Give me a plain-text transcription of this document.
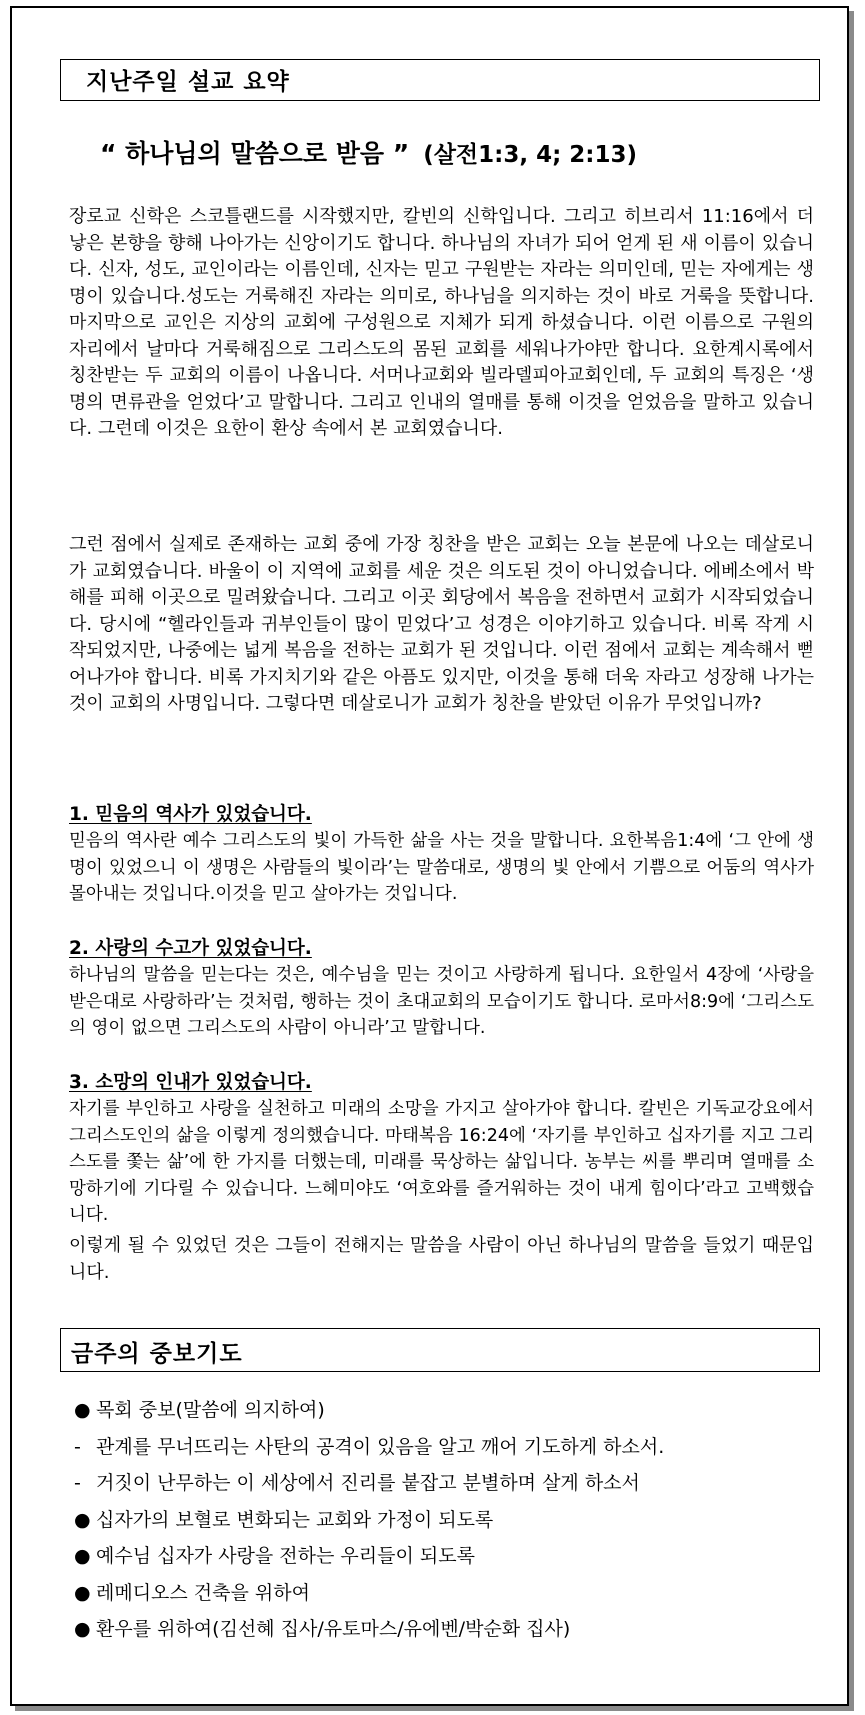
지난주일 설교 요약
“ 하나님의 말씀으로 받음 ” (살전1:3, 4; 2:13)
장로교 신학은 스코틀랜드를 시작했지만, 칼빈의 신학입니다. 그리고 히브리서 11:16에서 더 낳은 본향을 향해 나아가는 신앙이기도 합니다. 하나님의 자녀가 되어 얻게 된 새 이름이 있습니다. 신자, 성도, 교인이라는 이름인데, 신자는 믿고 구원받는 자라는 의미인데, 믿는 자에게는 생명이 있습니다.성도는 거룩해진 자라는 의미로, 하나님을 의지하는 것이 바로 거룩을 뜻합니다. 마지막으로 교인은 지상의 교회에 구성원으로 지체가 되게 하셨습니다. 이런 이름으로 구원의 자리에서 날마다 거룩해짐으로 그리스도의 몸된 교회를 세워나가야만 합니다. 요한계시록에서 칭찬받는 두 교회의 이름이 나옵니다. 서머나교회와 빌라델피아교회인데, 두 교회의 특징은 ‘생명의 면류관을 얻었다’고 말합니다. 그리고 인내의 열매를 통해 이것을 얻었음을 말하고 있습니다. 그런데 이것은 요한이 환상 속에서 본 교회였습니다.
그런 점에서 실제로 존재하는 교회 중에 가장 칭찬을 받은 교회는 오늘 본문에 나오는 데살로니가 교회였습니다. 바울이 이 지역에 교회를 세운 것은 의도된 것이 아니었습니다. 에베소에서 박해를 피해 이곳으로 밀려왔습니다. 그리고 이곳 회당에서 복음을 전하면서 교회가 시작되었습니다. 당시에 “헬라인들과 귀부인들이 많이 믿었다’고 성경은 이야기하고 있습니다. 비록 작게 시작되었지만, 나중에는 넓게 복음을 전하는 교회가 된 것입니다. 이런 점에서 교회는 계속해서 뻗어나가야 합니다. 비록 가지치기와 같은 아픔도 있지만, 이것을 통해 더욱 자라고 성장해 나가는 것이 교회의 사명입니다. 그렇다면 데살로니가 교회가 칭찬을 받았던 이유가 무엇입니까?
1. 믿음의 역사가 있었습니다.
믿음의 역사란 예수 그리스도의 빛이 가득한 삶을 사는 것을 말합니다. 요한복음1:4에 ‘그 안에 생명이 있었으니 이 생명은 사람들의 빛이라’는 말씀대로, 생명의 빛 안에서 기쁨으로 어둠의 역사가 몰아내는 것입니다.이것을 믿고 살아가는 것입니다.
2. 사랑의 수고가 있었습니다.
하나님의 말씀을 믿는다는 것은, 예수님을 믿는 것이고 사랑하게 됩니다. 요한일서 4장에 ‘사랑을 받은대로 사랑하라’는 것처럼, 행하는 것이 초대교회의 모습이기도 합니다. 로마서8:9에 ‘그리스도의 영이 없으면 그리스도의 사람이 아니라’고 말합니다.
3. 소망의 인내가 있었습니다.
자기를 부인하고 사랑을 실천하고 미래의 소망을 가지고 살아가야 합니다. 칼빈은 기독교강요에서 그리스도인의 삶을 이렇게 정의했습니다. 마태복음 16:24에 ‘자기를 부인하고 십자기를 지고 그리스도를 쫓는 삶’에 한 가지를 더했는데, 미래를 묵상하는 삶입니다. 농부는 씨를 뿌리며 열매를 소망하기에 기다릴 수 있습니다. 느헤미야도 ‘여호와를 즐거워하는 것이 내게 힘이다’라고 고백했습니다.
이렇게 될 수 있었던 것은 그들이 전해지는 말씀을 사람이 아닌 하나님의 말씀을 들었기 때문입니다.
금주의 중보기도
● 목회 중보(말씀에 의지하여)
- 관계를 무너뜨리는 사탄의 공격이 있음을 알고 깨어 기도하게 하소서.
- 거짓이 난무하는 이 세상에서 진리를 붙잡고 분별하며 살게 하소서
● 십자가의 보혈로 변화되는 교회와 가정이 되도록
● 예수님 십자가 사랑을 전하는 우리들이 되도록
● 레메디오스 건축을 위하여
● 환우를 위하여(김선혜 집사/유토마스/유에벤/박순화 집사)
